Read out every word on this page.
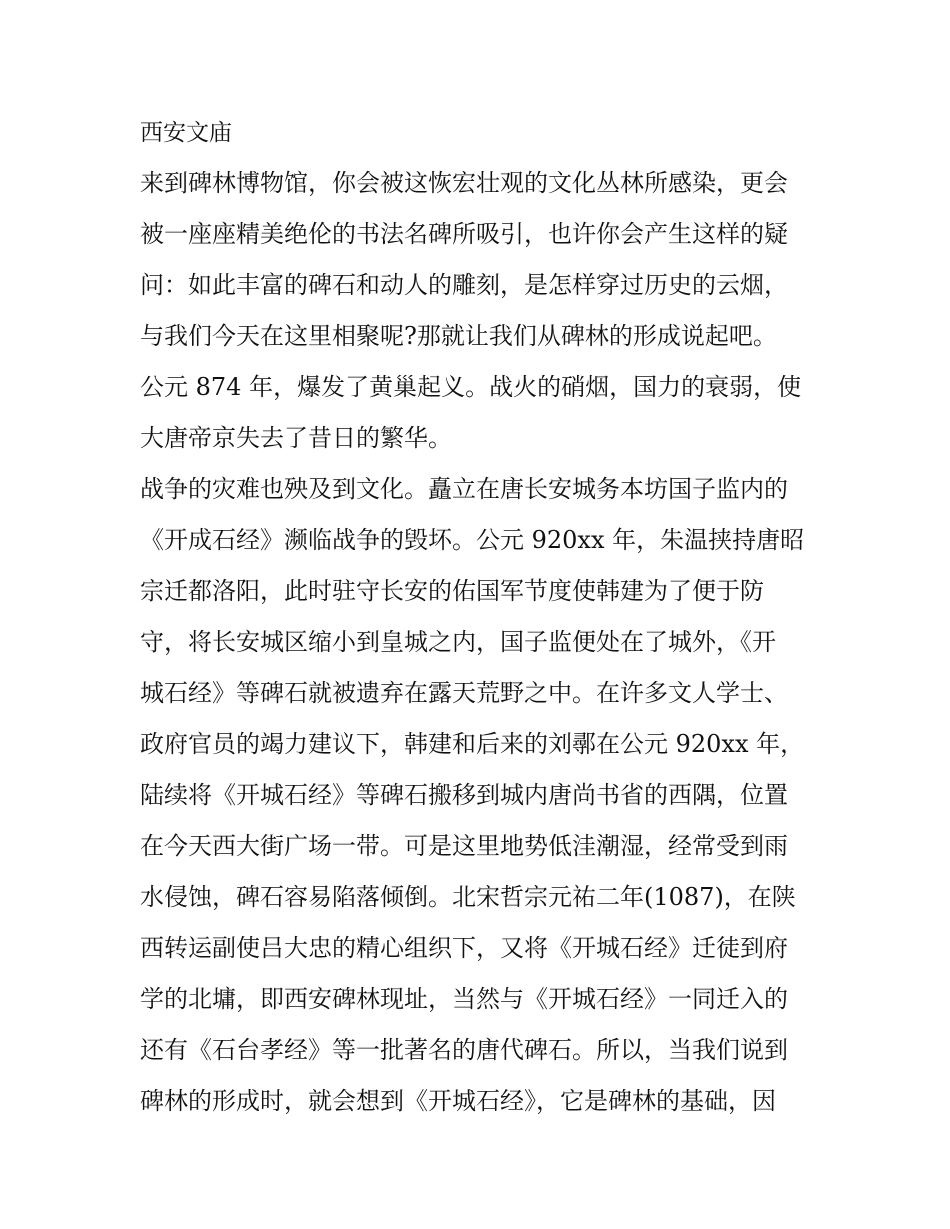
西安文庙

来到碑林博物馆，你会被这恢宏壮观的文化丛林所感染，更会
被一座座精美绝伦的书法名碑所吸引，也许你会产生这样的疑
问：如此丰富的碑石和动人的雕刻，是怎样穿过历史的云烟，
与我们今天在这里相聚呢?那就让我们从碑林的形成说起吧。

公元 874 年，爆发了黄巢起义。战火的硝烟，国力的衰弱，使
大唐帝京失去了昔日的繁华。

战争的灾难也殃及到文化。矗立在唐长安城务本坊国子监内的
《开成石经》濒临战争的毁坏。公元 920xx 年，朱温挟持唐昭
宗迁都洛阳，此时驻守长安的佑国军节度使韩建为了便于防
守，将长安城区缩小到皇城之内，国子监便处在了城外，《开
城石经》等碑石就被遗弃在露天荒野之中。在许多文人学士、
政府官员的竭力建议下，韩建和后来的刘鄩在公元 920xx 年，
陆续将《开城石经》等碑石搬移到城内唐尚书省的西隅，位置
在今天西大街广场一带。可是这里地势低洼潮湿，经常受到雨
水侵蚀，碑石容易陷落倾倒。北宋哲宗元祐二年(1087)，在陕
西转运副使吕大忠的精心组织下，又将《开城石经》迁徒到府
学的北墉，即西安碑林现址，当然与《开城石经》一同迁入的
还有《石台孝经》等一批著名的唐代碑石。所以，当我们说到
碑林的形成时，就会想到《开城石经》，它是碑林的基础，因
